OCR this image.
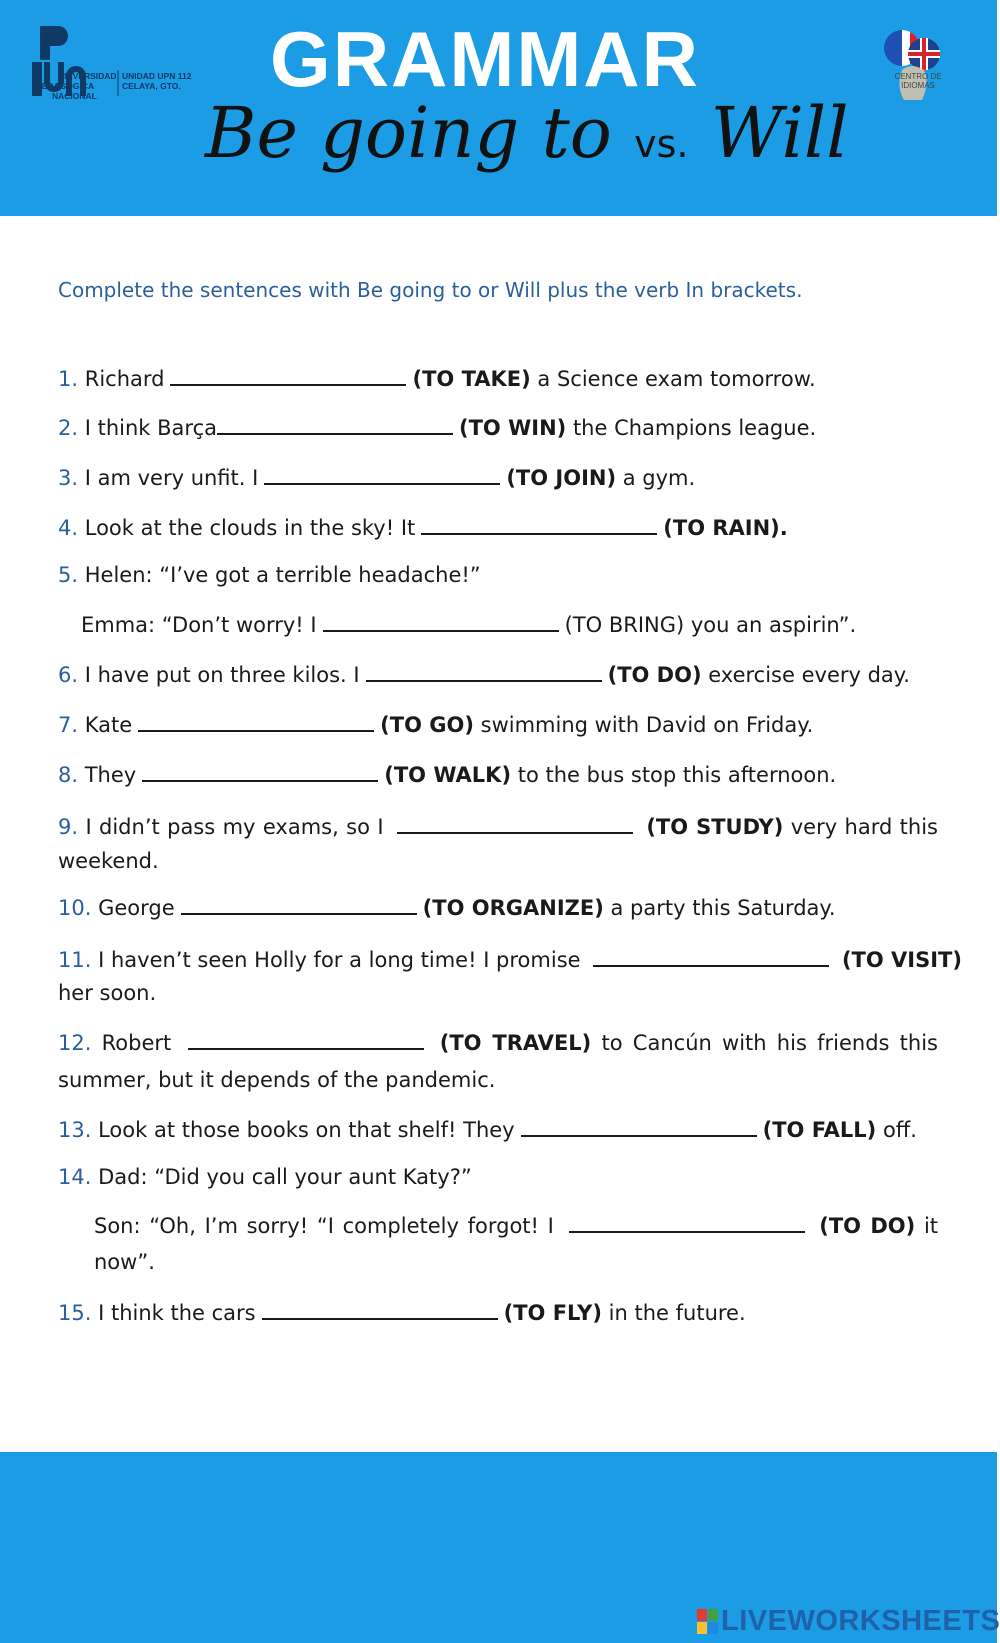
UNIVERSIDAD
PEDAGÓGICA
NACIONAL
UNIDAD UPN 112
CELAYA, GTO.	GRAMMAR
Be going to vs. Will
CENTRO DE
IDIOMAS
Complete the sentences with Be going to or Will plus the verb In brackets.
1. Richard	(TO TAKE) a Science exam tomorrow.
2. I think Barça	(TO WIN) the Champions league.
3. I am very unfit. I	(TO JOIN) a gym.
4. Look at the clouds in the sky! It	(TO RAIN).
5. Helen: “I’ve got a terrible headache!”
Emma: “Don’t worry! I	(TO BRING) you an aspirin”.
6. I have put on three kilos. I	(TO DO) exercise every day.
7. Kate	(TO GO) swimming with David on Friday.
8. They	(TO WALK) to the bus stop this afternoon.
9. I didn’t pass my exams, so I	(TO STUDY) very hard this
weekend.
10. George	(TO ORGANIZE) a party this Saturday.
11. I haven’t seen Holly for a long time! I promise	(TO VISIT)
her soon.
12. Robert	(TO TRAVEL) to Cancún with his friends this
summer, but it depends of the pandemic.
13. Look at those books on that shelf! They	(TO FALL) off.
14. Dad: “Did you call your aunt Katy?”
Son: “Oh, I’m sorry! “I completely forgot! I	(TO DO) it
now”.
15. I think the cars	(TO FLY) in the future.
LIVEWORKSHEETS
